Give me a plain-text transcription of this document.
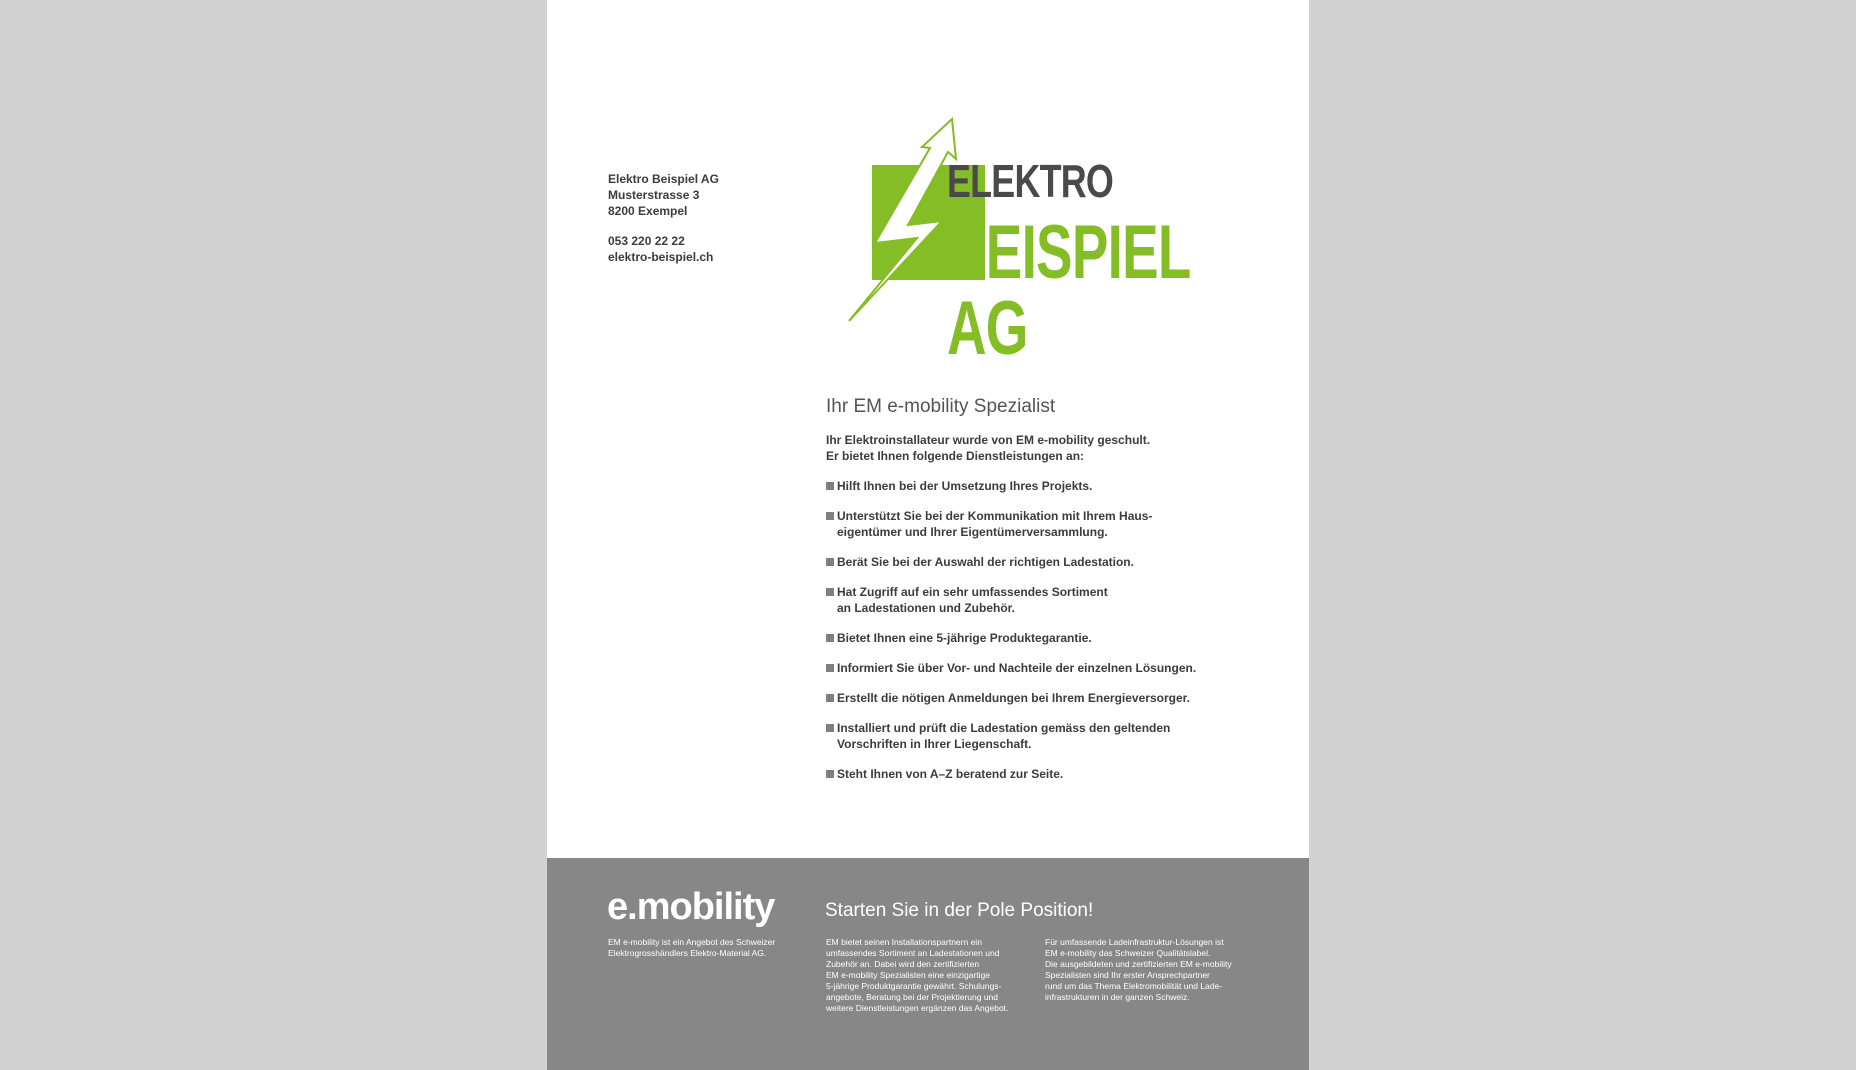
Elektro Beispiel AG
Musterstrasse 3
8200 Exempel
053 220 22 22
elektro-beispiel.ch
ELEKTRO
BEISPIEL AG
Ihr EM e-mobility Spezialist
Ihr Elektroinstallateur wurde von EM e-mobility geschult.
Er bietet Ihnen folgende Dienstleistungen an:
Hilft Ihnen bei der Umsetzung Ihres Projekts.
Unterstützt Sie bei der Kommunikation mit Ihrem Haus-
eigentümer und Ihrer Eigentümerversammlung.
Berät Sie bei der Auswahl der richtigen Ladestation.
Hat Zugriff auf ein sehr umfassendes Sortiment
an Ladestationen und Zubehör.
Bietet Ihnen eine 5-jährige Produktegarantie.
Informiert Sie über Vor- und Nachteile der einzelnen Lösungen.
Erstellt die nötigen Anmeldungen bei Ihrem Energieversorger.
Installiert und prüft die Ladestation gemäss den geltenden
Vorschriften in Ihrer Liegenschaft.
Steht Ihnen von A–Z beratend zur Seite.
e.mobility
EM e-mobility ist ein Angebot des Schweizer Elektrogrosshändlers Elektro-Material AG.
Starten Sie in der Pole Position!
EM bietet seinen Installationspartnern ein
umfassendes Sortiment an Ladestationen und
Zubehör an. Dabei wird den zertifizierten
EM e-mobility Spezialisten eine einzigartige
5-jährige Produktgarantie gewährt. Schulungs-
angebote, Beratung bei der Projektierung und
weitere Dienstleistungen ergänzen das Angebot.
Für umfassende Ladeinfrastruktur-Lösungen ist
EM e-mobility das Schweizer Qualitätslabel.
Die ausgebildeten und zertifizierten EM e-mobility
Spezialisten sind Ihr erster Ansprechpartner
rund um das Thema Elektromobilität und Lade-
infrastrukturen in der ganzen Schweiz.
